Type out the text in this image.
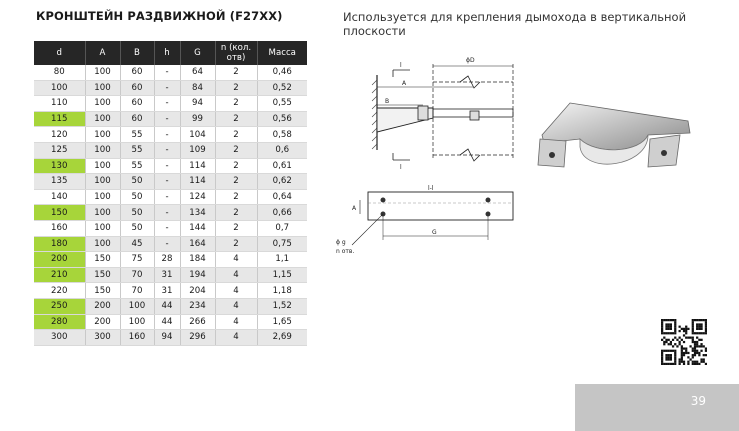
КРОНШТЕЙН РАЗДВИЖНОЙ (F27XX)	Используется для крепления дымохода в вертикальной плоскости
d	A	B	h	G	n (кол. отв)	Масса
80	100	60	-	64	2	0,46
100	100	60	-	84	2	0,52
110	100	60	-	94	2	0,55
115	100	60	-	99	2	0,56
120	100	55	-	104	2	0,58
125	100	55	-	109	2	0,6
130	100	55	-	114	2	0,61
135	100	50	-	114	2	0,62
140	100	50	-	124	2	0,64
150	100	50	-	134	2	0,66
160	100	50	-	144	2	0,7
180	100	45	-	164	2	0,75
200	150	75	28	184	4	1,1
210	150	70	31	194	4	1,15
220	150	70	31	204	4	1,18
250	200	100	44	234	4	1,52
280	200	100	44	266	4	1,65
300	300	160	94	296	4	2,69
l
ϕD
A
B
l
l-l
A
G
ϕ g
n отв.
39
